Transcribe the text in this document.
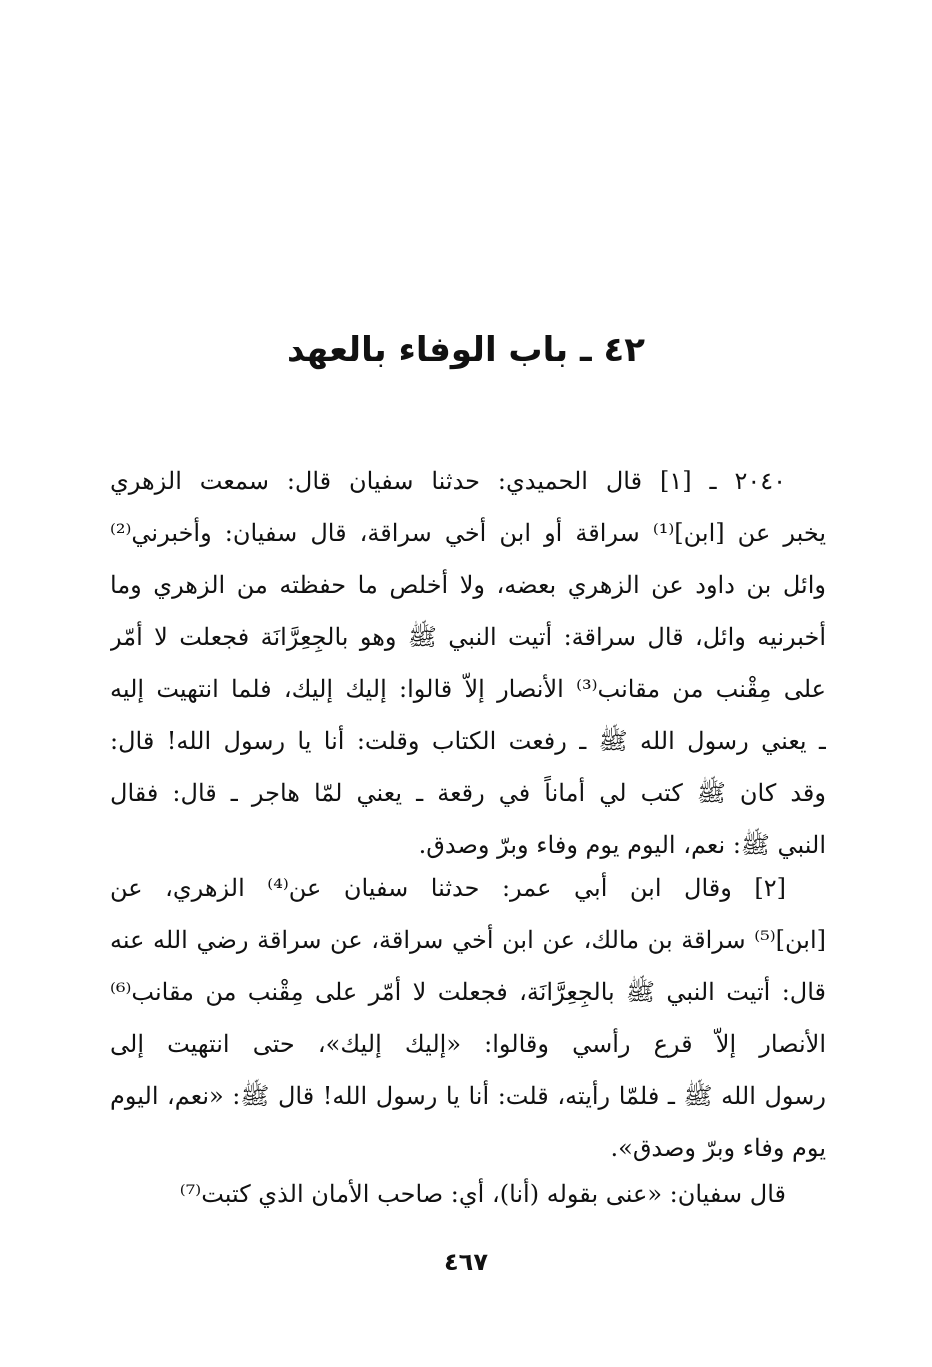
٤٢ ـ باب الوفاء بالعهد

٢٠٤٠ ـ [١] قال الحميدي: حدثنا سفيان قال: سمعت الزهري
يخبر عن [ابن]⁽¹⁾ سراقة أو ابن أخي سراقة، قال سفيان: وأخبرني⁽²⁾
وائل بن داود عن الزهري بعضه، ولا أخلص ما حفظته من الزهري وما
أخبرنيه وائل، قال سراقة: أتيت النبي ﷺ وهو بالجِعِرَّانَة فجعلت لا أمّر
على مِقْنب من مقانب⁽³⁾ الأنصار إلاّ قالوا: إليك إليك، فلما انتهيت إليه
ـ يعني رسول الله ﷺ ـ رفعت الكتاب وقلت: أنا يا رسول الله! قال:
وقد كان ﷺ كتب لي أماناً في رقعة ـ يعني لمّا هاجر ـ قال: فقال
النبي ﷺ: نعم، اليوم يوم وفاء وبرّ وصدق.

[٢] وقال ابن أبي عمر: حدثنا سفيان عن⁽⁴⁾ الزهري، عن
[ابن]⁽⁵⁾ سراقة بن مالك، عن ابن أخي سراقة، عن سراقة رضي الله عنه
قال: أتيت النبي ﷺ بالجِعِرَّانَة، فجعلت لا أمّر على مِقْنب من مقانب⁽⁶⁾
الأنصار إلاّ قرع رأسي وقالوا: «إليك إليك»، حتى انتهيت إلى
رسول الله ﷺ ـ فلمّا رأيته، قلت: أنا يا رسول الله! قال ﷺ: «نعم، اليوم
يوم وفاء وبرّ وصدق».

قال سفيان: «عنى بقوله (أنا)، أي: صاحب الأمان الذي كتبت⁽⁷⁾

٤٦٧
